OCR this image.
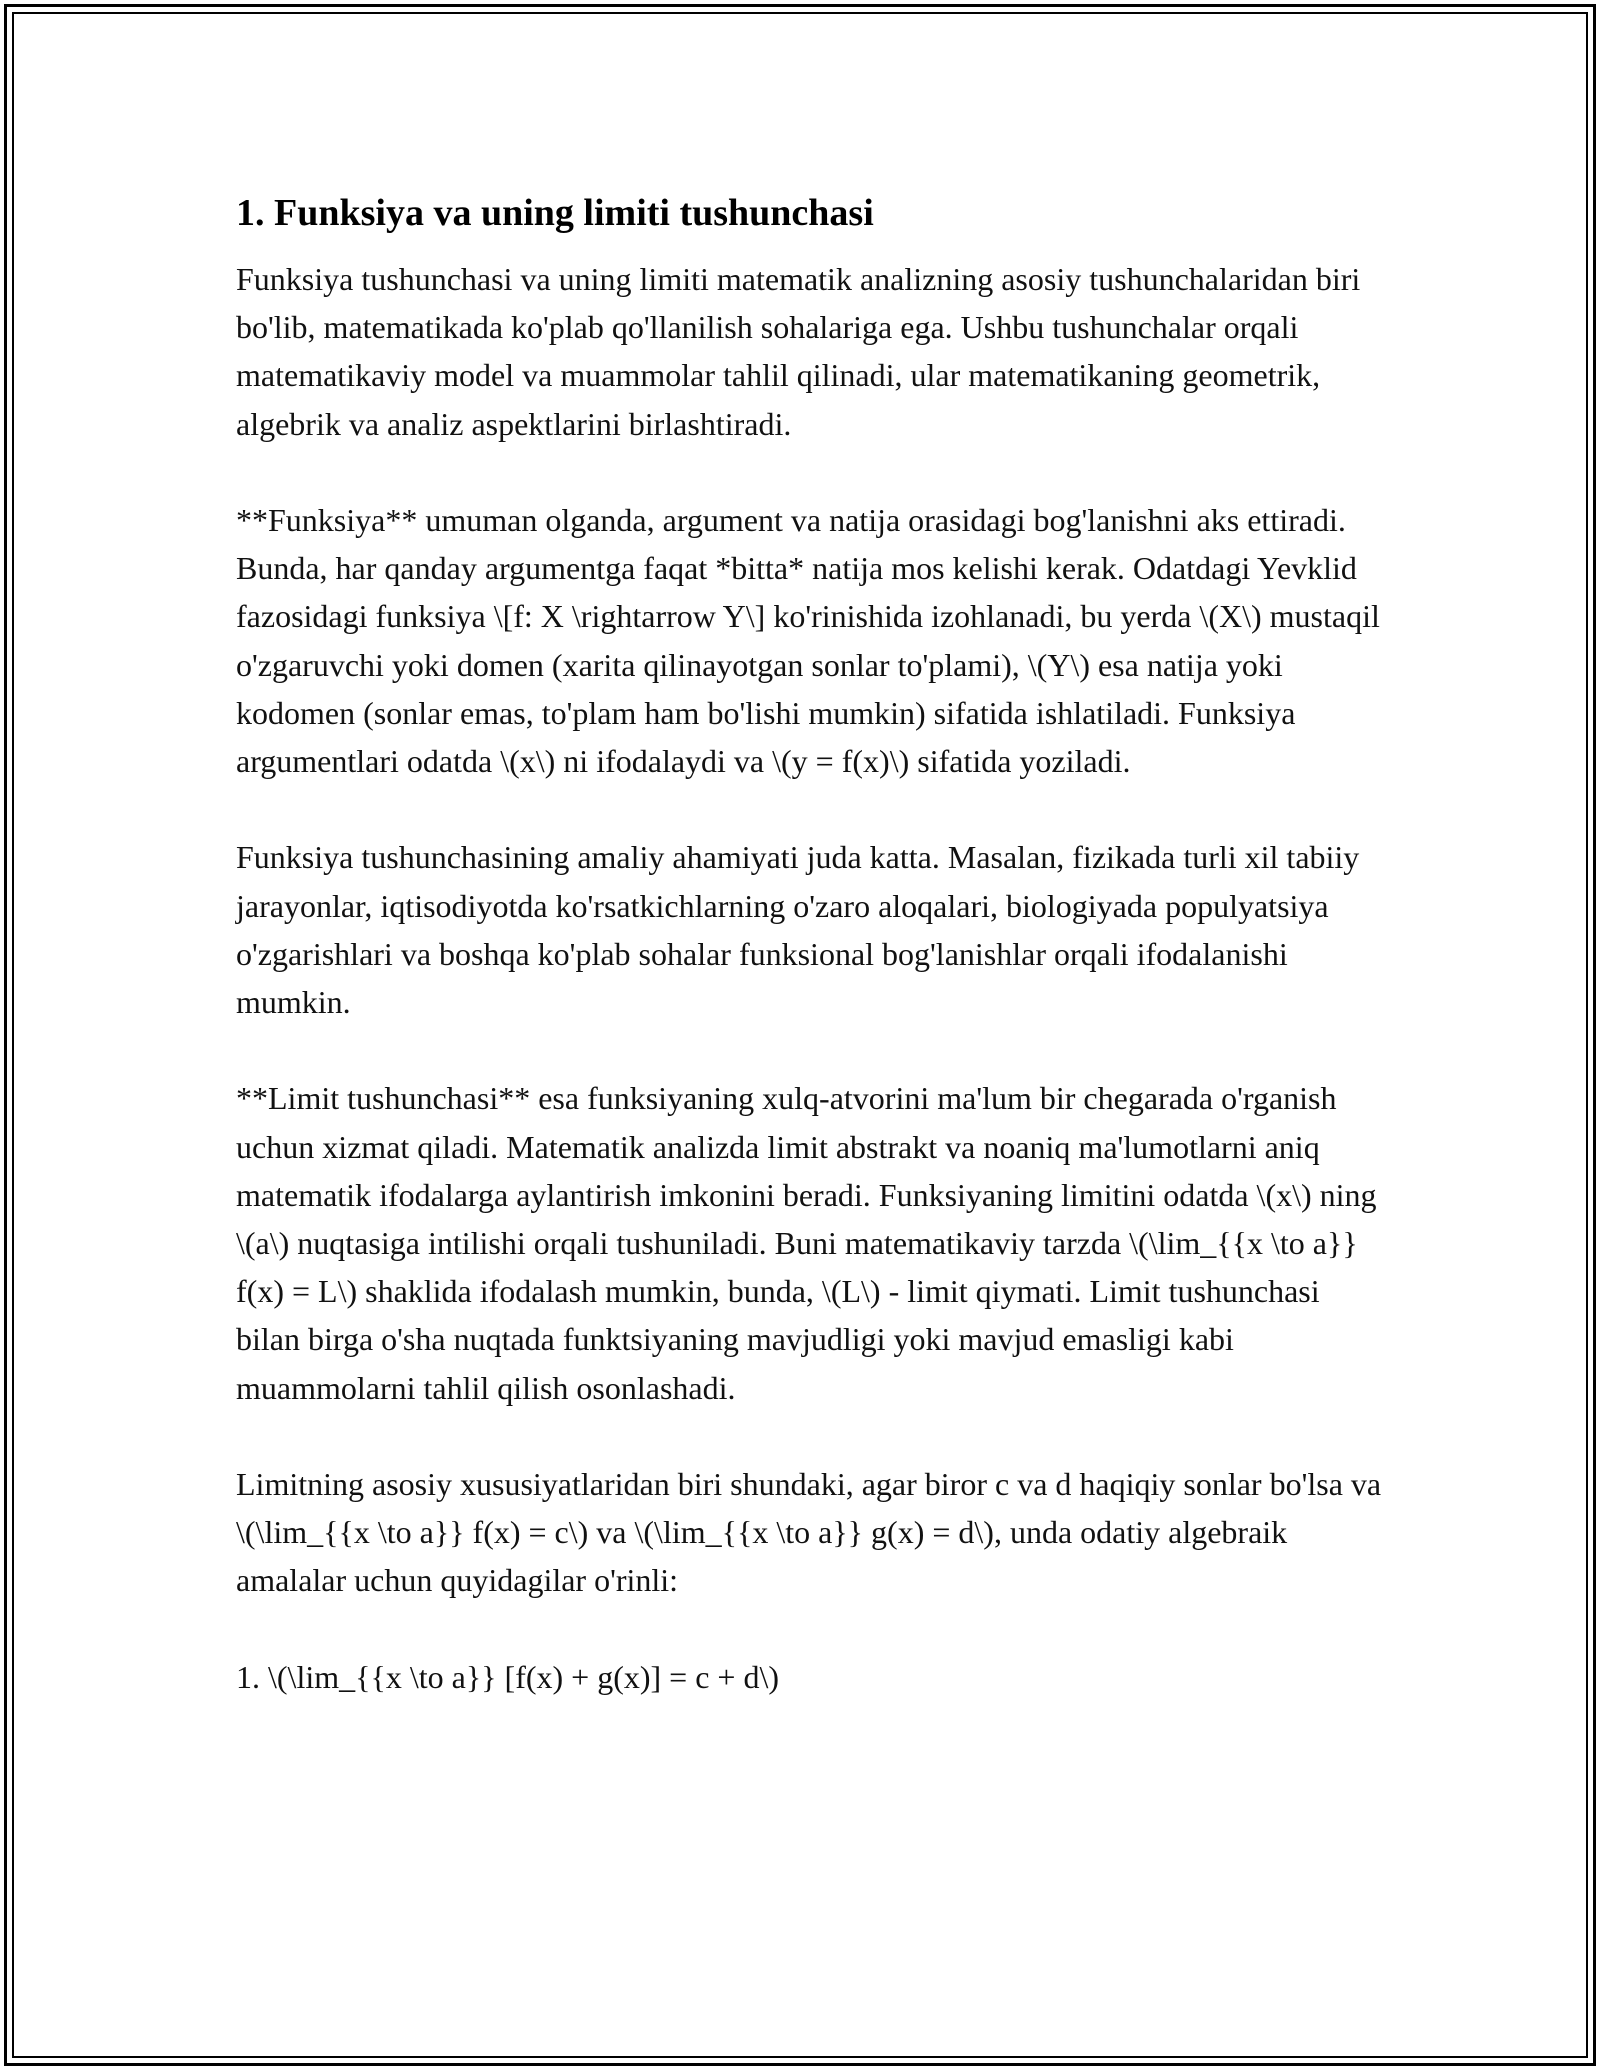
1. Funksiya va uning limiti tushunchasi

Funksiya tushunchasi va uning limiti matematik analizning asosiy tushunchalaridan biri bo'lib, matematikada ko'plab qo'llanilish sohalariga ega. Ushbu tushunchalar orqali matematikaviy model va muammolar tahlil qilinadi, ular matematikaning geometrik, algebrik va analiz aspektlarini birlashtiradi.

**Funksiya** umuman olganda, argument va natija orasidagi bog'lanishni aks ettiradi. Bunda, har qanday argumentga faqat *bitta* natija mos kelishi kerak. Odatdagi Yevklid fazosidagi funksiya \[f: X \rightarrow Y\] ko'rinishida izohlanadi, bu yerda \(X\) mustaqil o'zgaruvchi yoki domen (xarita qilinayotgan sonlar to'plami), \(Y\) esa natija yoki kodomen (sonlar emas, to'plam ham bo'lishi mumkin) sifatida ishlatiladi. Funksiya argumentlari odatda \(x\) ni ifodalaydi va \(y = f(x)\) sifatida yoziladi.

Funksiya tushunchasining amaliy ahamiyati juda katta. Masalan, fizikada turli xil tabiiy jarayonlar, iqtisodiyotda ko'rsatkichlarning o'zaro aloqalari, biologiyada populyatsiya o'zgarishlari va boshqa ko'plab sohalar funksional bog'lanishlar orqali ifodalanishi mumkin.

**Limit tushunchasi** esa funksiyaning xulq-atvorini ma'lum bir chegarada o'rganish uchun xizmat qiladi. Matematik analizda limit abstrakt va noaniq ma'lumotlarni aniq matematik ifodalarga aylantirish imkonini beradi. Funksiyaning limitini odatda \(x\) ning \(a\) nuqtasiga intilishi orqali tushuniladi. Buni matematikaviy tarzda \(\lim_{{x \to a}} f(x) = L\) shaklida ifodalash mumkin, bunda, \(L\) - limit qiymati. Limit tushunchasi bilan birga o'sha nuqtada funktsiyaning mavjudligi yoki mavjud emasligi kabi muammolarni tahlil qilish osonlashadi.

Limitning asosiy xususiyatlaridan biri shundaki, agar biror c va d haqiqiy sonlar bo'lsa va \(\lim_{{x \to a}} f(x) = c\) va \(\lim_{{x \to a}} g(x) = d\), unda odatiy algebraik amalalar uchun quyidagilar o'rinli:

1. \(\lim_{{x \to a}} [f(x) + g(x)] = c + d\)
